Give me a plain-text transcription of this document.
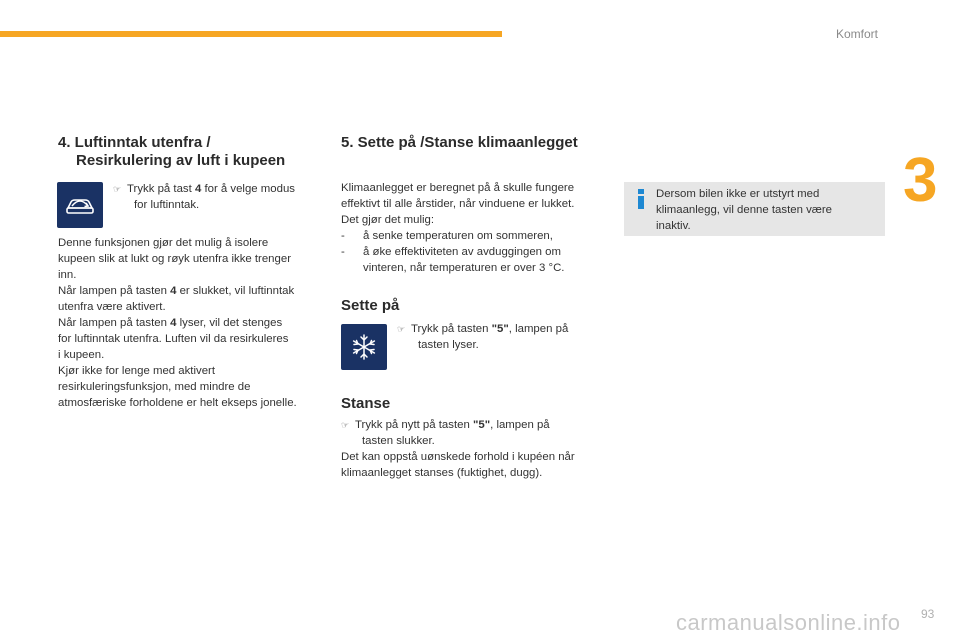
Komfort
3
4. Luftinntak utenfra /
Resirkulering av luft i kupeen
☞ Trykk på tast 4 for å velge modus
for luftinntak.
Denne funksjonen gjør det mulig å isolere
kupeen slik at lukt og røyk utenfra ikke trenger
inn.
Når lampen på tasten 4 er slukket, vil luftinntak
utenfra være aktivert.
Når lampen på tasten 4 lyser, vil det stenges
for luftinntak utenfra. Luften vil da resirkuleres
i kupeen.
Kjør ikke for lenge med aktivert
resirkuleringsfunksjon, med mindre de
atmosfæriske forholdene er helt ekseps jonelle.
5. Sette på /Stanse klimaanlegget
Klimaanlegget er beregnet på å skulle fungere
effektivt til alle årstider, når vinduene er lukket.
Det gjør det mulig:
-	å senke temperaturen om sommeren,
-	å øke effektiviteten av avduggingen om
vinteren, når temperaturen er over 3 °C.
Sette på
☞ Trykk på tasten "5", lampen på
tasten lyser.
Stanse
☞ Trykk på nytt på tasten "5", lampen på
tasten slukker.
Det kan oppstå uønskede forhold i kupéen når
klimaanlegget stanses (fuktighet, dugg).
Dersom bilen ikke er utstyrt med
klimaanlegg, vil denne tasten være
inaktiv.
93
carmanualsonline.info
